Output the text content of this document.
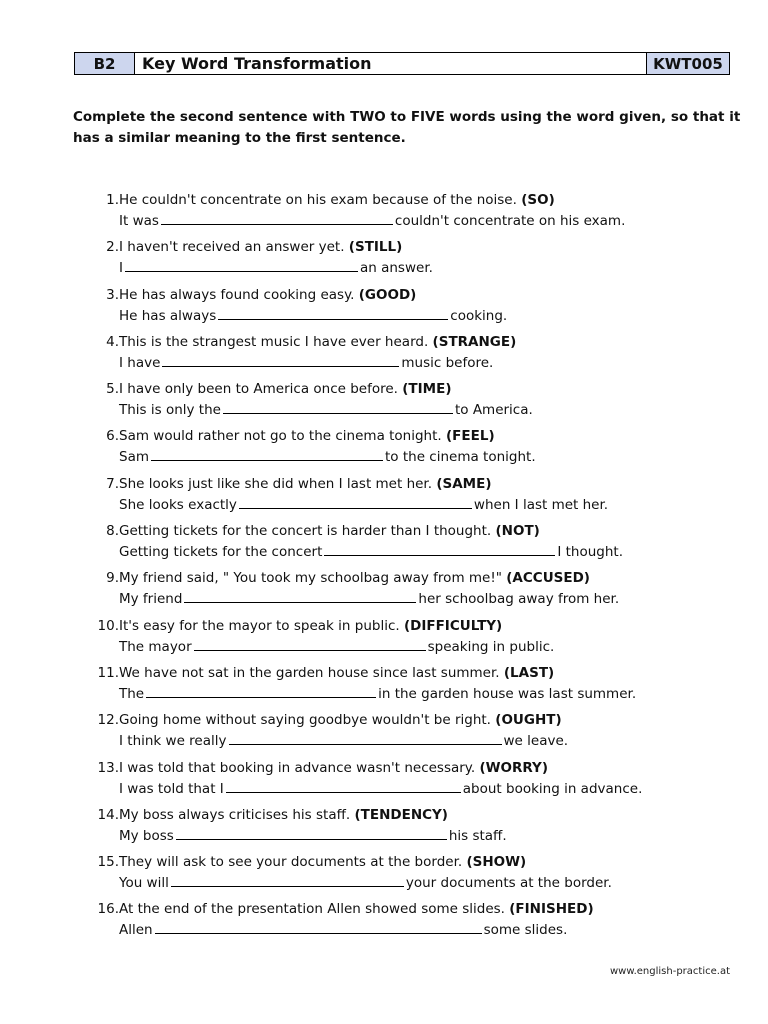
B2	Key Word Transformation	KWT005
Complete the second sentence with TWO to FIVE words using the word given, so that it has a similar meaning to the first sentence.
1. He couldn't concentrate on his exam because of the noise. (SO)
It was	couldn't concentrate on his exam.
2. I haven't received an answer yet. (STILL)
I	an answer.
3. He has always found cooking easy. (GOOD)
He has always	cooking.
4. This is the strangest music I have ever heard. (STRANGE)
I have	music before.
5. I have only been to America once before. (TIME)
This is only the	to America.
6. Sam would rather not go to the cinema tonight. (FEEL)
Sam	to the cinema tonight.
7. She looks just like she did when I last met her. (SAME)
She looks exactly	when I last met her.
8. Getting tickets for the concert is harder than I thought. (NOT)
Getting tickets for the concert	I thought.
9. My friend said, " You took my schoolbag away from me!" (ACCUSED)
My friend	her schoolbag away from her.
10. It's easy for the mayor to speak in public. (DIFFICULTY)
The mayor	speaking in public.
11. We have not sat in the garden house since last summer. (LAST)
The	in the garden house was last summer.
12. Going home without saying goodbye wouldn't be right. (OUGHT)
I think we really	we leave.
13. I was told that booking in advance wasn't necessary. (WORRY)
I was told that I	about booking in advance.
14. My boss always criticises his staff. (TENDENCY)
My boss	his staff.
15. They will ask to see your documents at the border. (SHOW)
You will	your documents at the border.
16. At the end of the presentation Allen showed some slides. (FINISHED)
Allen	some slides.
www.english-practice.at
